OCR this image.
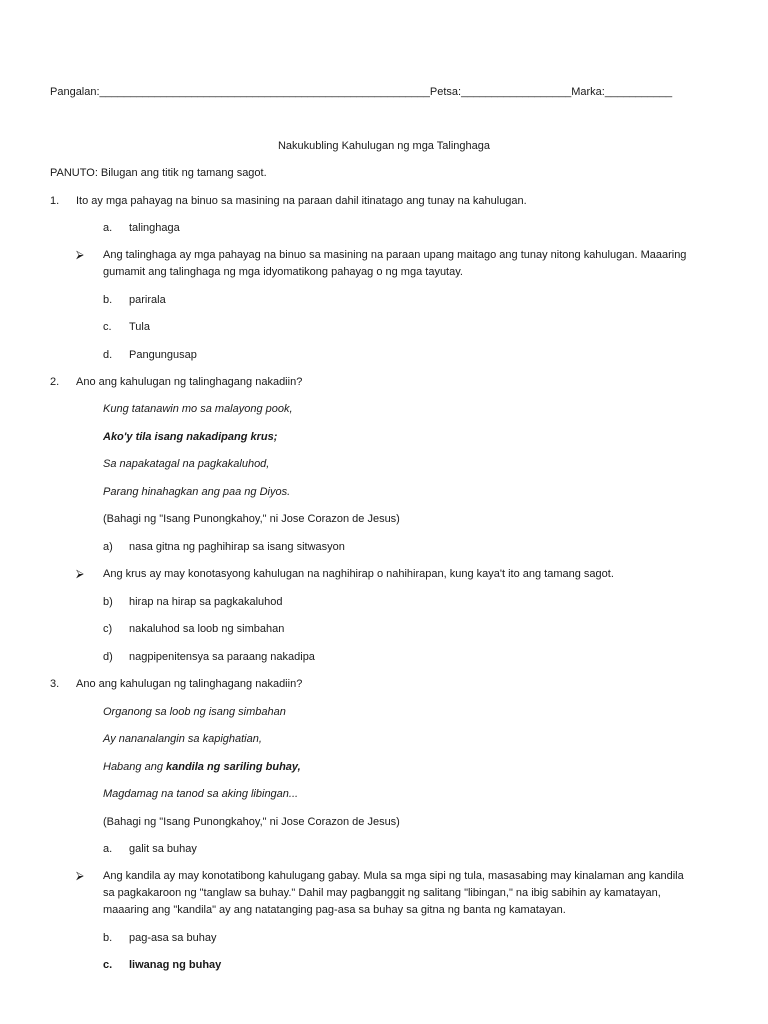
Pangalan:______________________________________________________Petsa:__________________Marka:___________
Nakukubling Kahulugan ng mga Talinghaga
PANUTO: Bilugan ang titik ng tamang sagot.
1. Ito ay mga pahayag na binuo sa masining na paraan dahil itinatago ang tunay na kahulugan.
a. talinghaga
⮚ Ang talinghaga ay mga pahayag na binuo sa masining na paraan upang maitago ang tunay nitong kahulugan. Maaaring
gumamit ang talinghaga ng mga idyomatikong pahayag o ng mga tayutay.
b. parirala
c. Tula
d. Pangungusap
2. Ano ang kahulugan ng talinghagang nakadiin?
Kung tatanawin mo sa malayong pook,
Ako'y tila isang nakadipang krus;
Sa napakatagal na pagkakaluhod,
Parang hinahagkan ang paa ng Diyos.
(Bahagi ng "Isang Punongkahoy," ni Jose Corazon de Jesus)
a) nasa gitna ng paghihirap sa isang sitwasyon
⮚ Ang krus ay may konotasyong kahulugan na naghihirap o nahihirapan, kung kaya't ito ang tamang sagot.
b) hirap na hirap sa pagkakaluhod
c) nakaluhod sa loob ng simbahan
d) nagpipenitensya sa paraang nakadipa
3. Ano ang kahulugan ng talinghagang nakadiin?
Organong sa loob ng isang simbahan
Ay nananalangin sa kapighatian,
Habang ang kandila ng sariling buhay,
Magdamag na tanod sa aking libingan...
(Bahagi ng "Isang Punongkahoy," ni Jose Corazon de Jesus)
a. galit sa buhay
⮚ Ang kandila ay may konotatibong kahulugang gabay. Mula sa mga sipi ng tula, masasabing may kinalaman ang kandila
sa pagkakaroon ng "tanglaw sa buhay." Dahil may pagbanggit ng salitang "libingan," na ibig sabihin ay kamatayan,
maaaring ang "kandila" ay ang natatanging pag-asa sa buhay sa gitna ng banta ng kamatayan.
b. pag-asa sa buhay
c. liwanag ng buhay
